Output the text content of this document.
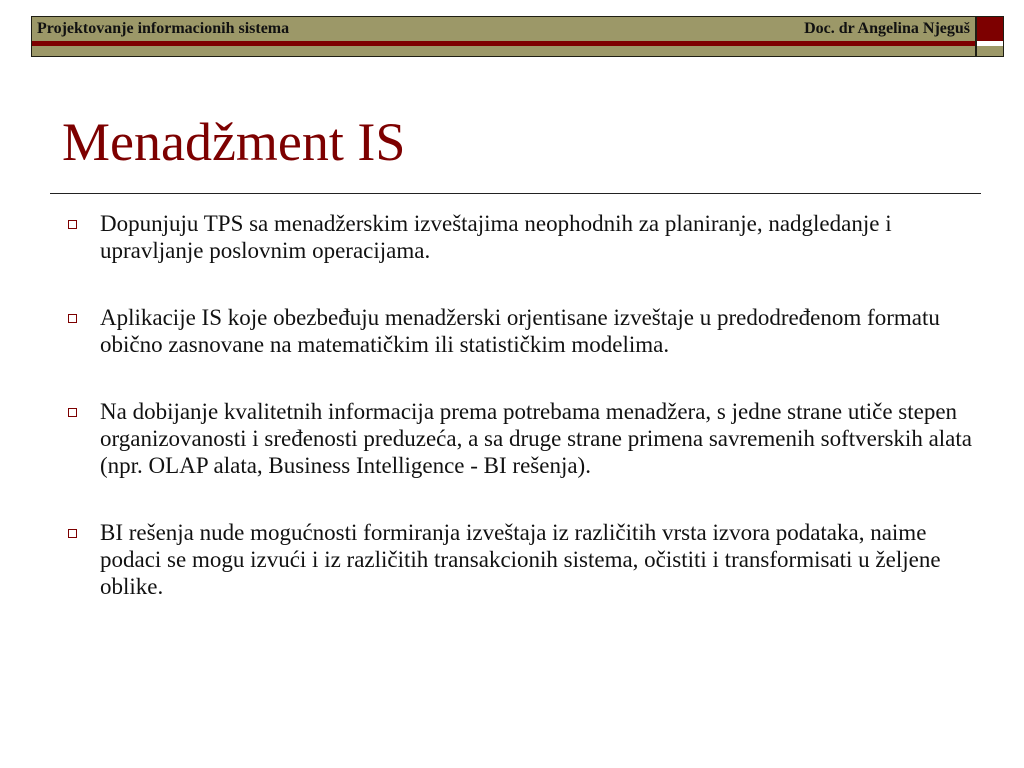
Projektovanje informacionih sistema	Doc. dr Angelina Njeguš
Menadžment IS
Dopunjuju TPS sa menadžerskim izveštajima neophodnih za planiranje, nadgledanje i upravljanje poslovnim operacijama.
Aplikacije IS koje obezbeđuju menadžerski orjentisane izveštaje u predodređenom formatu obično zasnovane na matematičkim ili statističkim modelima.
Na dobijanje kvalitetnih informacija prema potrebama menadžera, s jedne strane utiče stepen organizovanosti i sređenosti preduzeća, a sa druge strane primena savremenih softverskih alata (npr. OLAP alata, Business Intelligence - BI rešenja).
BI rešenja nude mogućnosti formiranja izveštaja iz različitih vrsta izvora podataka, naime podaci se mogu izvući i iz različitih transakcionih sistema, očistiti i transformisati u željene oblike.
